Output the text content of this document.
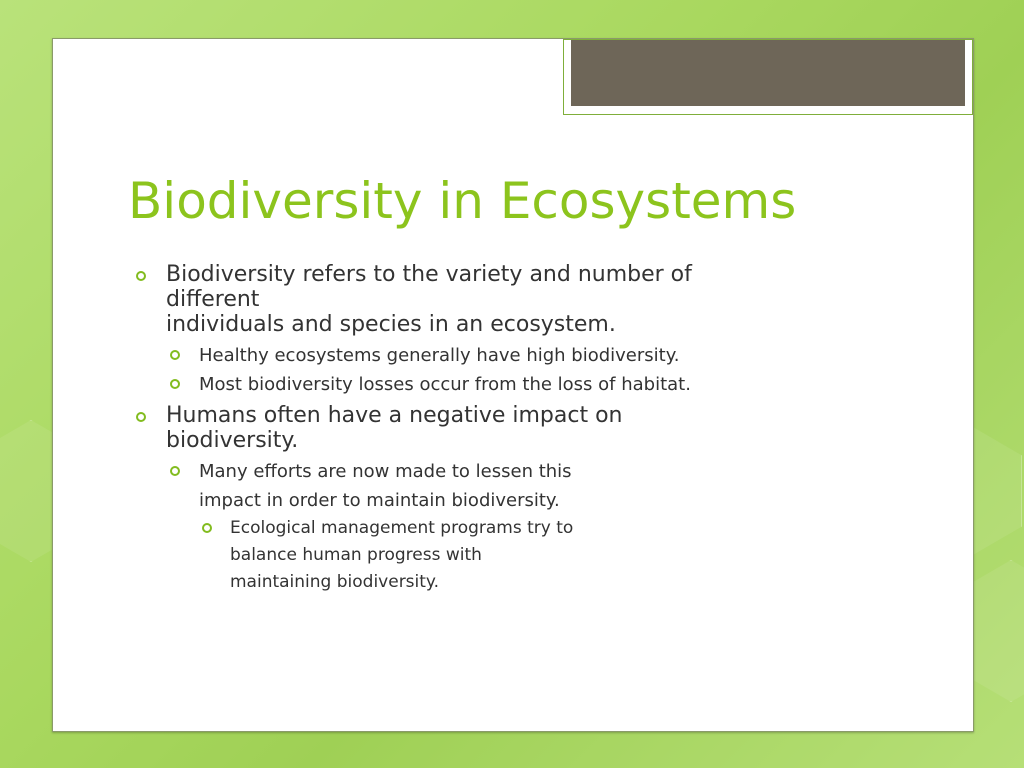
Biodiversity in Ecosystems
Biodiversity refers to the variety and number of
different
individuals and species in an ecosystem.
Healthy ecosystems generally have high biodiversity.
Most biodiversity losses occur from the loss of habitat.
Humans often have a negative impact on
biodiversity.
Many efforts are now made to lessen this
impact in order to maintain biodiversity.
Ecological management programs try to
balance human progress with
maintaining biodiversity.
